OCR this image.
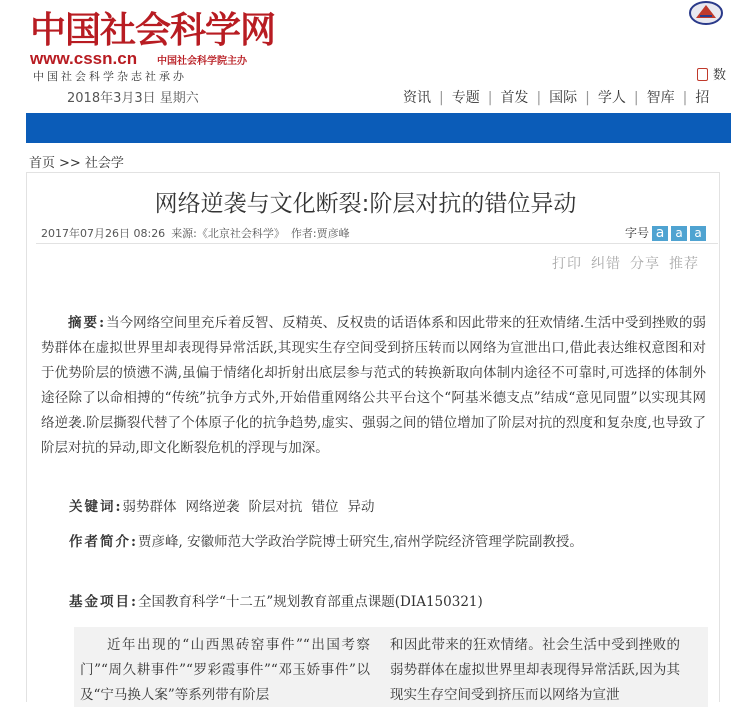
中国社会科学网
www.cssn.cn 中国社会科学院主办
中国社会科学杂志社承办	数
2018年3月3日 星期六	资讯 | 专题 | 首发 | 国际 | 学人 | 智库 | 招
首页 >> 社会学
网络逆袭与文化断裂:阶层对抗的错位异动
2017年07月26日 08:26 来源:《北京社会科学》 作者:贾彦峰	字号 a a a
打印 纠错 分享 推荐
摘要:当今网络空间里充斥着反智、反精英、反权贵的话语体系和因此带来的狂欢情绪.生活中受到挫败的弱势群体在虚拟世界里却表现得异常活跃,其现实生存空间受到挤压转而以网络为宣泄出口,借此表达维权意图和对于优势阶层的愤懑不满,虽偏于情绪化却折射出底层参与范式的转换新取向体制内途径不可靠时,可选择的体制外途径除了以命相搏的“传统”抗争方式外,开始借重网络公共平台这个“阿基米德支点”结成“意见同盟”以实现其网络逆袭.阶层撕裂代替了个体原子化的抗争趋势,虚实、强弱之间的错位增加了阶层对抗的烈度和复杂度,也导致了阶层对抗的异动,即文化断裂危机的浮现与加深。
关键词:弱势群体 网络逆袭 阶层对抗 错位 异动
作者简介:贾彦峰, 安徽师范大学政治学院博士研究生,宿州学院经济管理学院副教授。
基金项目:全国教育科学“十二五”规划教育部重点课题(DIA150321)
近年出现的“山西黑砖窑事件”“出国考察门”“周久耕事件”“罗彩霞事件”“邓玉娇事件”以及“宁马换人案”等系列带有阶层
和因此带来的狂欢情绪。社会生活中受到挫败的弱势群体在虚拟世界里却表现得异常活跃,因为其现实生存空间受到挤压而以网络为宣泄
